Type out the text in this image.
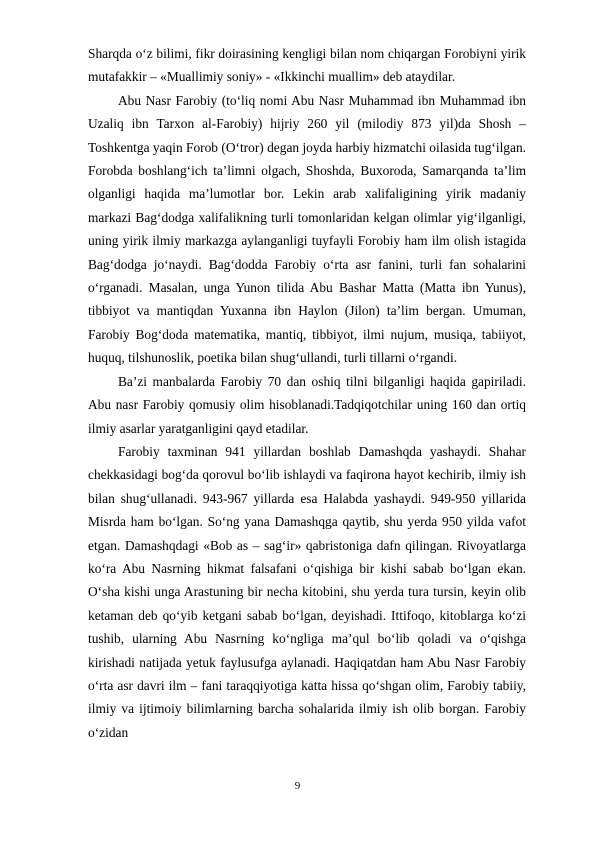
Sharqda o‘z bilimi, fikr doirasining kengligi bilan nom chiqargan Forobiyni yirik mutafakkir – «Muallimiy soniy» - «Ikkinchi muallim» deb ataydilar.

Abu Nasr Farobiy (to‘liq nomi Abu Nasr Muhammad ibn Muhammad ibn Uzaliq ibn Tarxon al-Farobiy) hijriy 260 yil (milodiy 873 yil)da Shosh – Toshkentga yaqin Forob (O‘tror) degan joyda harbiy hizmatchi oilasida tug‘ilgan. Forobda boshlang‘ich ta’limni olgach, Shoshda, Buxoroda, Samarqanda ta’lim olganligi haqida ma’lumotlar bor. Lekin arab xalifaligining yirik madaniy markazi Bag‘dodga xalifalikning turli tomonlaridan kelgan olimlar yig‘ilganligi, uning yirik ilmiy markazga aylanganligi tuyfayli Forobiy ham ilm olish istagida Bag‘dodga jo‘naydi. Bag‘dodda Farobiy o‘rta asr fanini, turli fan sohalarini o‘rganadi. Masalan, unga Yunon tilida Abu Bashar Matta (Matta ibn Yunus), tibbiyot va mantiqdan Yuxanna ibn Haylon (Jilon) ta’lim bergan. Umuman, Farobiy Bog‘doda matematika, mantiq, tibbiyot, ilmi nujum, musiqa, tabiiyot, huquq, tilshunoslik, poetika bilan shug‘ullandi, turli tillarni o‘rgandi.

Ba’zi manbalarda Farobiy 70 dan oshiq tilni bilganligi haqida gapiriladi. Abu nasr Farobiy qomusiy olim hisoblanadi.Tadqiqotchilar uning 160 dan ortiq ilmiy asarlar yaratganligini qayd etadilar.

Farobiy taxminan 941 yillardan boshlab Damashqda yashaydi. Shahar chekkasidagi bog‘da qorovul bo‘lib ishlaydi va faqirona hayot kechirib, ilmiy ish bilan shug‘ullanadi. 943-967 yillarda esa Halabda yashaydi. 949-950 yillarida Misrda ham bo‘lgan. So‘ng yana Damashqga qaytib, shu yerda 950 yilda vafot etgan. Damashqdagi «Bob as – sag‘ir» qabristoniga dafn qilingan. Rivoyatlarga ko‘ra Abu Nasrning hikmat falsafani o‘qishiga bir kishi sabab bo‘lgan ekan. O‘sha kishi unga Arastuning bir necha kitobini, shu yerda tura tursin, keyin olib ketaman deb qo‘yib ketgani sabab bo‘lgan, deyishadi. Ittifoqo, kitoblarga ko‘zi tushib, ularning Abu Nasrning ko‘ngliga ma’qul bo‘lib qoladi va o‘qishga kirishadi natijada yetuk faylusufga aylanadi. Haqiqatdan ham Abu Nasr Farobiy o‘rta asr davri ilm – fani taraqqiyotiga katta hissa qo‘shgan olim, Farobiy tabiiy, ilmiy va ijtimoiy bilimlarning barcha sohalarida ilmiy ish olib borgan. Farobiy o‘zidan

9
